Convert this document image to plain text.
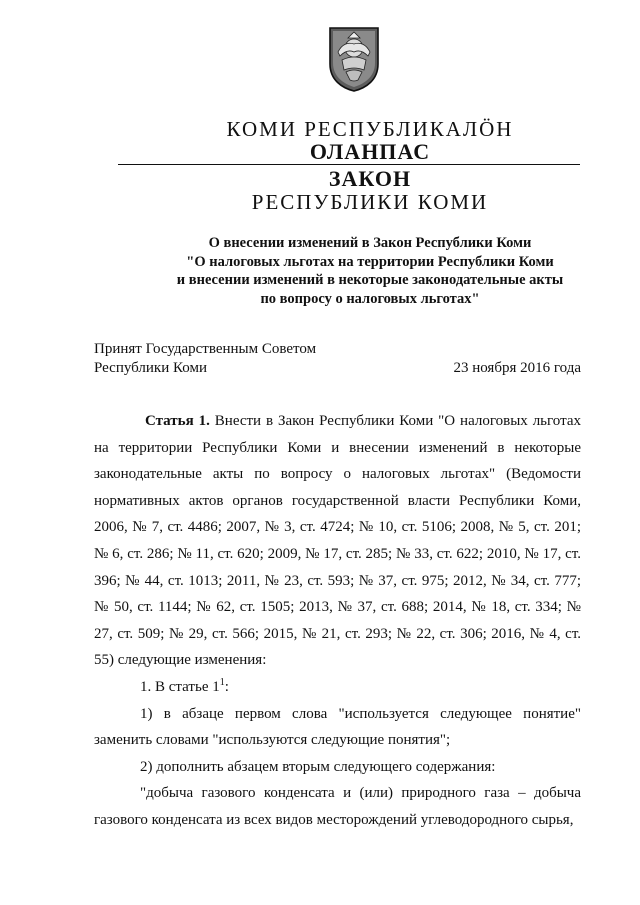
КОМИ РЕСПУБЛИКАЛӦН
ОЛАНПАС
ЗАКОН
РЕСПУБЛИКИ КОМИ
О внесении изменений в Закон Республики Коми
"О налоговых льготах на территории Республики Коми
и внесении изменений в некоторые законодательные акты
по вопросу о налоговых льготах"
Принят Государственным Советом
Республики Коми	23 ноября 2016 года

Статья 1. Внести в Закон Республики Коми "О налоговых льготах на территории Республики Коми и внесении изменений в некоторые законодательные акты по вопросу о налоговых льготах" (Ведомости нормативных актов органов государственной власти Республики Коми, 2006, № 7, ст. 4486; 2007, № 3, ст. 4724; № 10, ст. 5106; 2008, № 5, ст. 201; № 6, ст. 286; № 11, ст. 620; 2009, № 17, ст. 285; № 33, ст. 622; 2010, № 17, ст. 396; № 44, ст. 1013; 2011, № 23, ст. 593; № 37, ст. 975; 2012, № 34, ст. 777; № 50, ст. 1144; № 62, ст. 1505; 2013, № 37, ст. 688; 2014, № 18, ст. 334; № 27, ст. 509; № 29, ст. 566; 2015, № 21, ст. 293; № 22, ст. 306; 2016, № 4, ст. 55) следующие изменения:

1. В статье $1^1$:

1) в абзаце первом слова "используется следующее понятие" заменить словами "используются следующие понятия";

2) дополнить абзацем вторым следующего содержания:

"добыча газового конденсата и (или) природного газа – добыча газового конденсата из всех видов месторождений углеводородного сырья,
